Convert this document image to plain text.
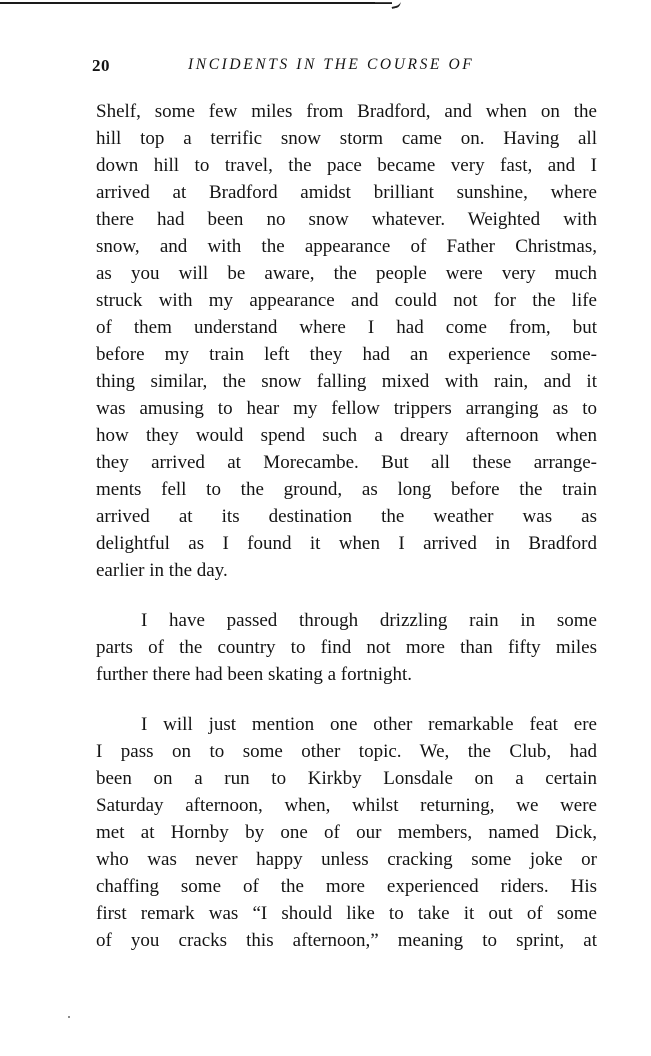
20	INCIDENTS IN THE COURSE OF
Shelf, some few miles from Bradford, and when on the
hill top a terrific snow storm came on. Having all
down hill to travel, the pace became very fast, and I
arrived at Bradford amidst brilliant sunshine, where
there had been no snow whatever. Weighted with
snow, and with the appearance of Father Christmas,
as you will be aware, the people were very much
struck with my appearance and could not for the life
of them understand where I had come from, but
before my train left they had an experience some-
thing similar, the snow falling mixed with rain, and it
was amusing to hear my fellow trippers arranging as to
how they would spend such a dreary afternoon when
they arrived at Morecambe. But all these arrange-
ments fell to the ground, as long before the train
arrived at its destination the weather was as
delightful as I found it when I arrived in Bradford
earlier in the day.
I have passed through drizzling rain in some
parts of the country to find not more than fifty miles
further there had been skating a fortnight.
I will just mention one other remarkable feat ere
I pass on to some other topic. We, the Club, had
been on a run to Kirkby Lonsdale on a certain
Saturday afternoon, when, whilst returning, we were
met at Hornby by one of our members, named Dick,
who was never happy unless cracking some joke or
chaffing some of the more experienced riders. His
first remark was “I should like to take it out of some
of you cracks this afternoon,” meaning to sprint, at
